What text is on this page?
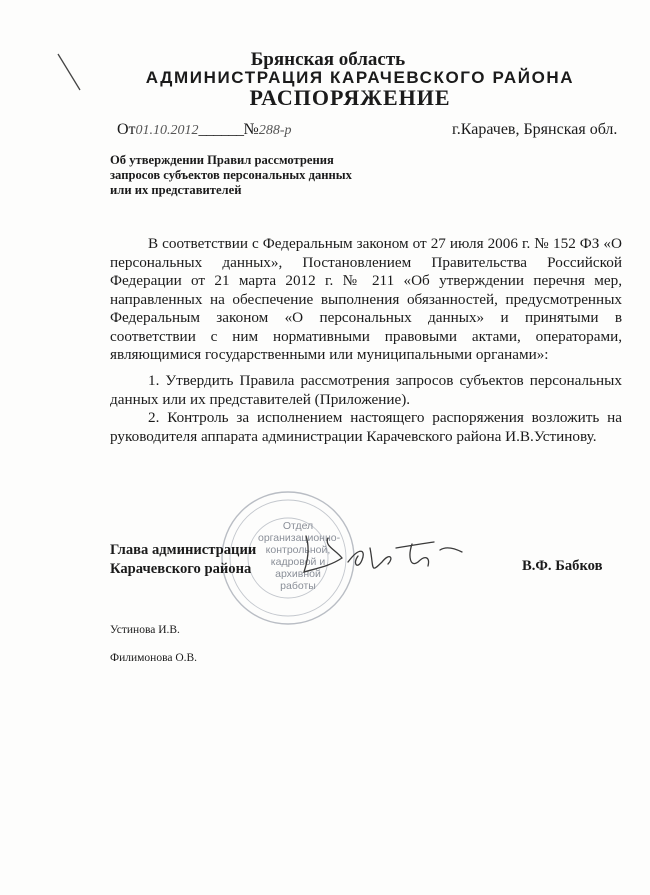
Брянская область
АДМИНИСТРАЦИЯ КАРАЧЕВСКОГО РАЙОНА
РАСПОРЯЖЕНИЕ
От01.10.2012______№288-р	г.Карачев, Брянская обл.
Об утверждении Правил рассмотрения
запросов субъектов персональных данных
или их представителей
В соответствии с Федеральным законом от 27 июля 2006 г. № 152 ФЗ «О персональных данных», Постановлением Правительства Российской Федерации от 21 марта 2012 г. № 211 «Об утверждении перечня мер, направленных на обеспечение выполнения обязанностей, предусмотренных Федеральным законом «О персональных данных» и принятыми в соответствии с ним нормативными правовыми актами, операторами, являющимися государственными или муниципальными органами»:
1. Утвердить Правила рассмотрения запросов субъектов персональных данных или их представителей (Приложение).
2. Контроль за исполнением настоящего распоряжения возложить на руководителя аппарата администрации Карачевского района И.В.Устинову.
Отдел
организационно-
контрольной,
кадровой и
архивной работы
Глава администрации
Карачевского района	В.Ф. Бабков
Устинова И.В.
Филимонова О.В.
